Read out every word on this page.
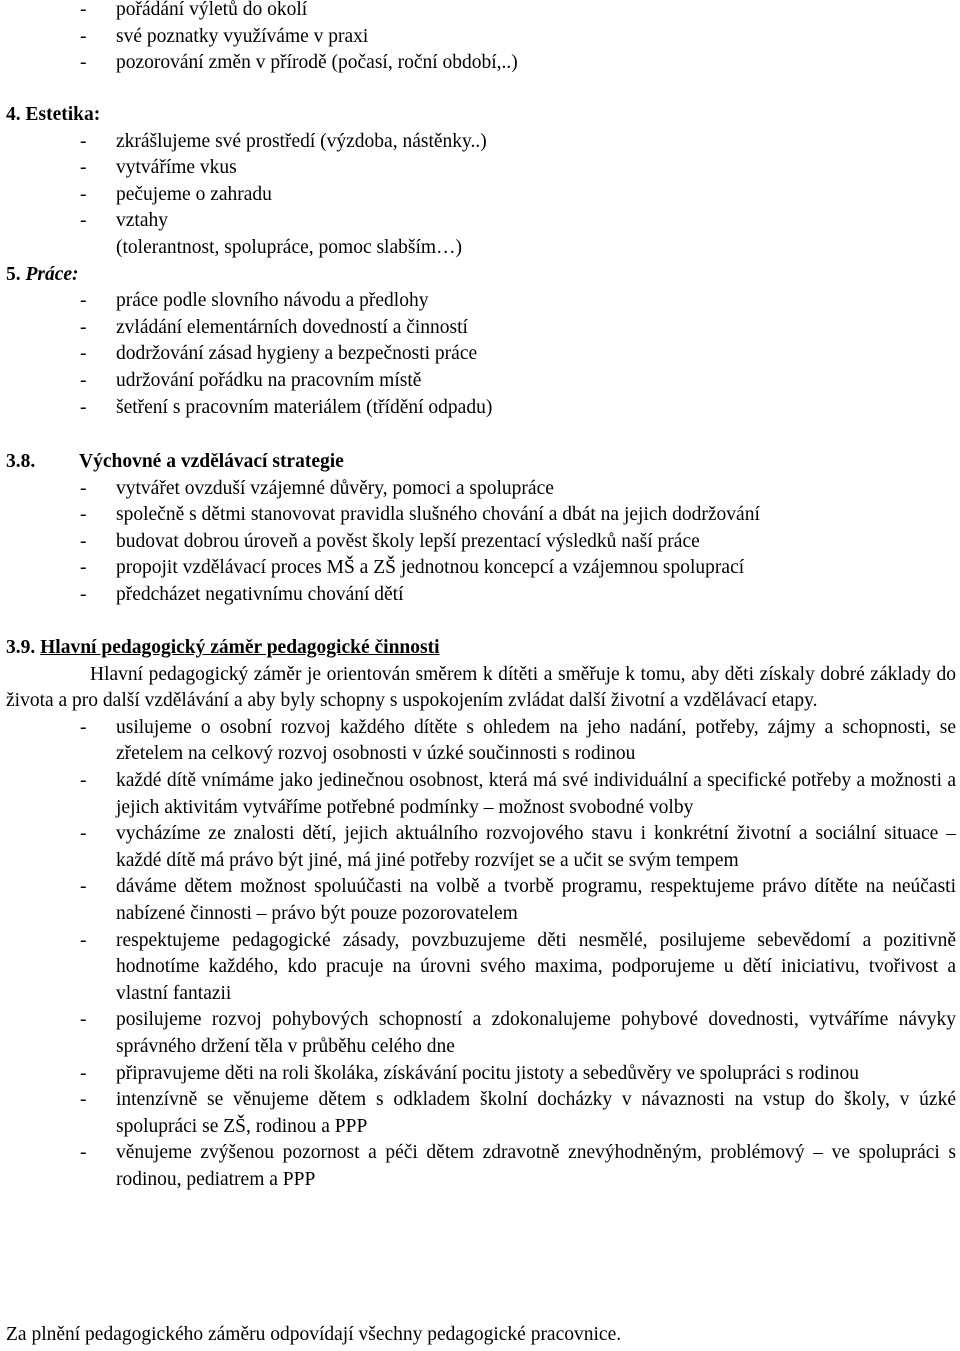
-	pořádání výletů do okolí
-	své poznatky využíváme v praxi
-	pozorování změn v přírodě (počasí, roční období,..)
4. Estetika:
-	zkrášlujeme své prostředí (výzdoba, nástěnky..)
-	vytváříme vkus
-	pečujeme o zahradu
-	vztahy
(tolerantnost, spolupráce, pomoc slabším…)
5. Práce:
-	práce podle slovního návodu a předlohy
-	zvládání elementárních dovedností a činností
-	dodržování zásad hygieny a bezpečnosti práce
-	udržování pořádku na pracovním místě
-	šetření s pracovním materiálem (třídění odpadu)
3.8. Výchovné a vzdělávací strategie
-	vytvářet ovzduší vzájemné důvěry, pomoci a spolupráce
-	společně s dětmi stanovovat pravidla slušného chování a dbát na jejich dodržování
-	budovat dobrou úroveň a pověst školy lepší prezentací výsledků naší práce
-	propojit vzdělávací proces MŠ a ZŠ jednotnou koncepcí a vzájemnou spoluprací
-	předcházet negativnímu chování dětí
3.9. Hlavní pedagogický záměr pedagogické činnosti
Hlavní pedagogický záměr je orientován směrem k dítěti a směřuje k tomu, aby děti získaly dobré základy do života a pro další vzdělávání a aby byly schopny s uspokojením zvládat další životní a vzdělávací etapy.
- usilujeme o osobní rozvoj každého dítěte s ohledem na jeho nadání, potřeby, zájmy a schopnosti, se zřetelem na celkový rozvoj osobnosti v úzké součinnosti s rodinou
- každé dítě vnímáme jako jedinečnou osobnost, která má své individuální a specifické potřeby a možnosti a jejich aktivitám vytváříme potřebné podmínky – možnost svobodné volby
- vycházíme ze znalosti dětí, jejich aktuálního rozvojového stavu i konkrétní životní a sociální situace – každé dítě má právo být jiné, má jiné potřeby rozvíjet se a učit se svým tempem
- dáváme dětem možnost spoluúčasti na volbě a tvorbě programu, respektujeme právo dítěte na neúčasti nabízené činnosti – právo být pouze pozorovatelem
- respektujeme pedagogické zásady, povzbuzujeme děti nesmělé, posilujeme sebevědomí a pozitivně hodnotíme každého, kdo pracuje na úrovni svého maxima, podporujeme u dětí iniciativu, tvořivost a vlastní fantazii
- posilujeme rozvoj pohybových schopností a zdokonalujeme pohybové dovednosti, vytváříme návyky správného držení těla v průběhu celého dne
- připravujeme děti na roli školáka, získávání pocitu jistoty a sebedůvěry ve spolupráci s rodinou
- intenzívně se věnujeme dětem s odkladem školní docházky v návaznosti na vstup do školy, v úzké spolupráci se ZŠ, rodinou a PPP
- věnujeme zvýšenou pozornost a péči dětem zdravotně znevýhodněným, problémový – ve spolupráci s rodinou, pediatrem a PPP
Za plnění pedagogického záměru odpovídají všechny pedagogické pracovnice.
